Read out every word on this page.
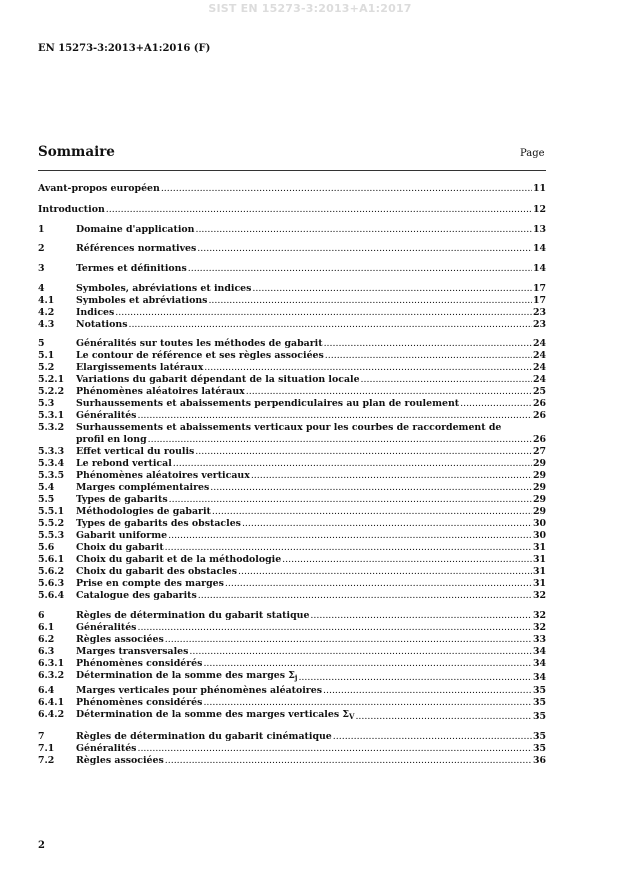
SIST EN 15273-3:2013+A1:2017
EN 15273-3:2013+A1:2016 (F)
Sommaire	Page
Avant-propos européen .....	11
Introduction .....	12
1	Domaine d'application .....	13
2	Références normatives .....	14
3	Termes et définitions .....	14
4	Symboles, abréviations et indices .....	17
4.1 Symboles et abréviations .....	17
4.2 Indices .....	23
4.3 Notations .....	23
5	Généralités sur toutes les méthodes de gabarit .....	24
5.1 Le contour de référence et ses règles associées .....	24
5.2 Elargissements latéraux .....	24
5.2.1 Variations du gabarit dépendant de la situation locale .....	24
5.2.2 Phénomènes aléatoires latéraux .....	25
5.3 Surhaussements et abaissements perpendiculaires au plan de roulement .....	26
5.3.1 Généralités .....	26
5.3.2 Surhaussements et abaissements verticaux pour les courbes de raccordement de
profil en long .....	26
5.3.3 Effet vertical du roulis .....	27
5.3.4 Le rebond vertical .....	29
5.3.5 Phénomènes aléatoires verticaux .....	29
5.4 Marges complémentaires .....	29
5.5 Types de gabarits .....	29
5.5.1 Méthodologies de gabarit .....	29
5.5.2 Types de gabarits des obstacles .....	30
5.5.3 Gabarit uniforme .....	30
5.6 Choix du gabarit .....	31
5.6.1 Choix du gabarit et de la méthodologie .....	31
5.6.2 Choix du gabarit des obstacles .....	31
5.6.3 Prise en compte des marges .....	31
5.6.4 Catalogue des gabarits .....	32
6	Règles de détermination du gabarit statique .....	32
6.1 Généralités .....	32
6.2 Règles associées .....	33
6.3 Marges transversales .....	34
6.3.1 Phénomènes considérés .....	34
6.3.2 Détermination de la somme des marges $\Sigma_j$ .....	34
6.4 Marges verticales pour phénomènes aléatoires .....	35
6.4.1 Phénomènes considérés .....	35
6.4.2 Détermination de la somme des marges verticales $\Sigma_V$ .....	35
7	Règles de détermination du gabarit cinématique .....	35
7.1 Généralités .....	35
7.2 Règles associées .....	36
2
